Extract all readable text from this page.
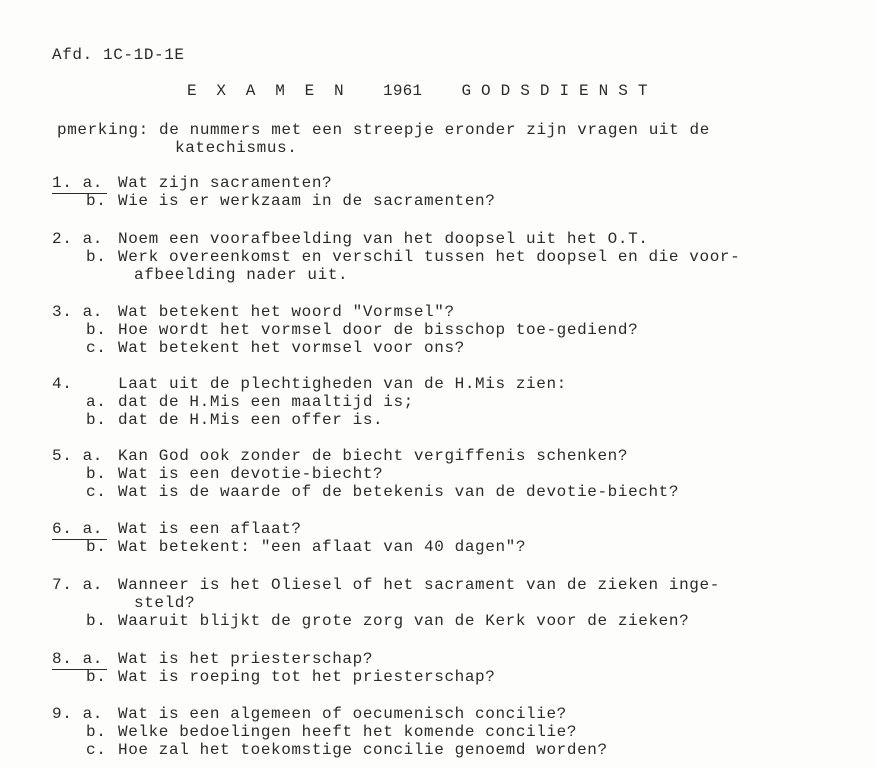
Afd. 1C-1D-1E
E  X  A  M  E  N    1961    G O D S D I E N S T
pmerking: de nummers met een streepje eronder zijn vragen uit de
katechismus.
1. a. Wat zijn sacramenten?
b. Wie is er werkzaam in de sacramenten?
2. a. Noem een voorafbeelding van het doopsel uit het O.T.
b. Werk overeenkomst en verschil tussen het doopsel en die voor-
afbeelding nader uit.
3. a. Wat betekent het woord "Vormsel"?
b. Hoe wordt het vormsel door de bisschop toe-gediend?
c. Wat betekent het vormsel voor ons?
4.	Laat uit de plechtigheden van de H.Mis zien:
a. dat de H.Mis een maaltijd is;
b. dat de H.Mis een offer is.
5. a. Kan God ook zonder de biecht vergiffenis schenken?
b. Wat is een devotie-biecht?
c. Wat is de waarde of de betekenis van de devotie-biecht?
6. a. Wat is een aflaat?
b. Wat betekent: "een aflaat van 40 dagen"?
7. a. Wanneer is het Oliesel of het sacrament van de zieken inge-
steld?
b. Waaruit blijkt de grote zorg van de Kerk voor de zieken?
8. a. Wat is het priesterschap?
b. Wat is roeping tot het priesterschap?
9. a. Wat is een algemeen of oecumenisch concilie?
b. Welke bedoelingen heeft het komende concilie?
c. Hoe zal het toekomstige concilie genoemd worden?
